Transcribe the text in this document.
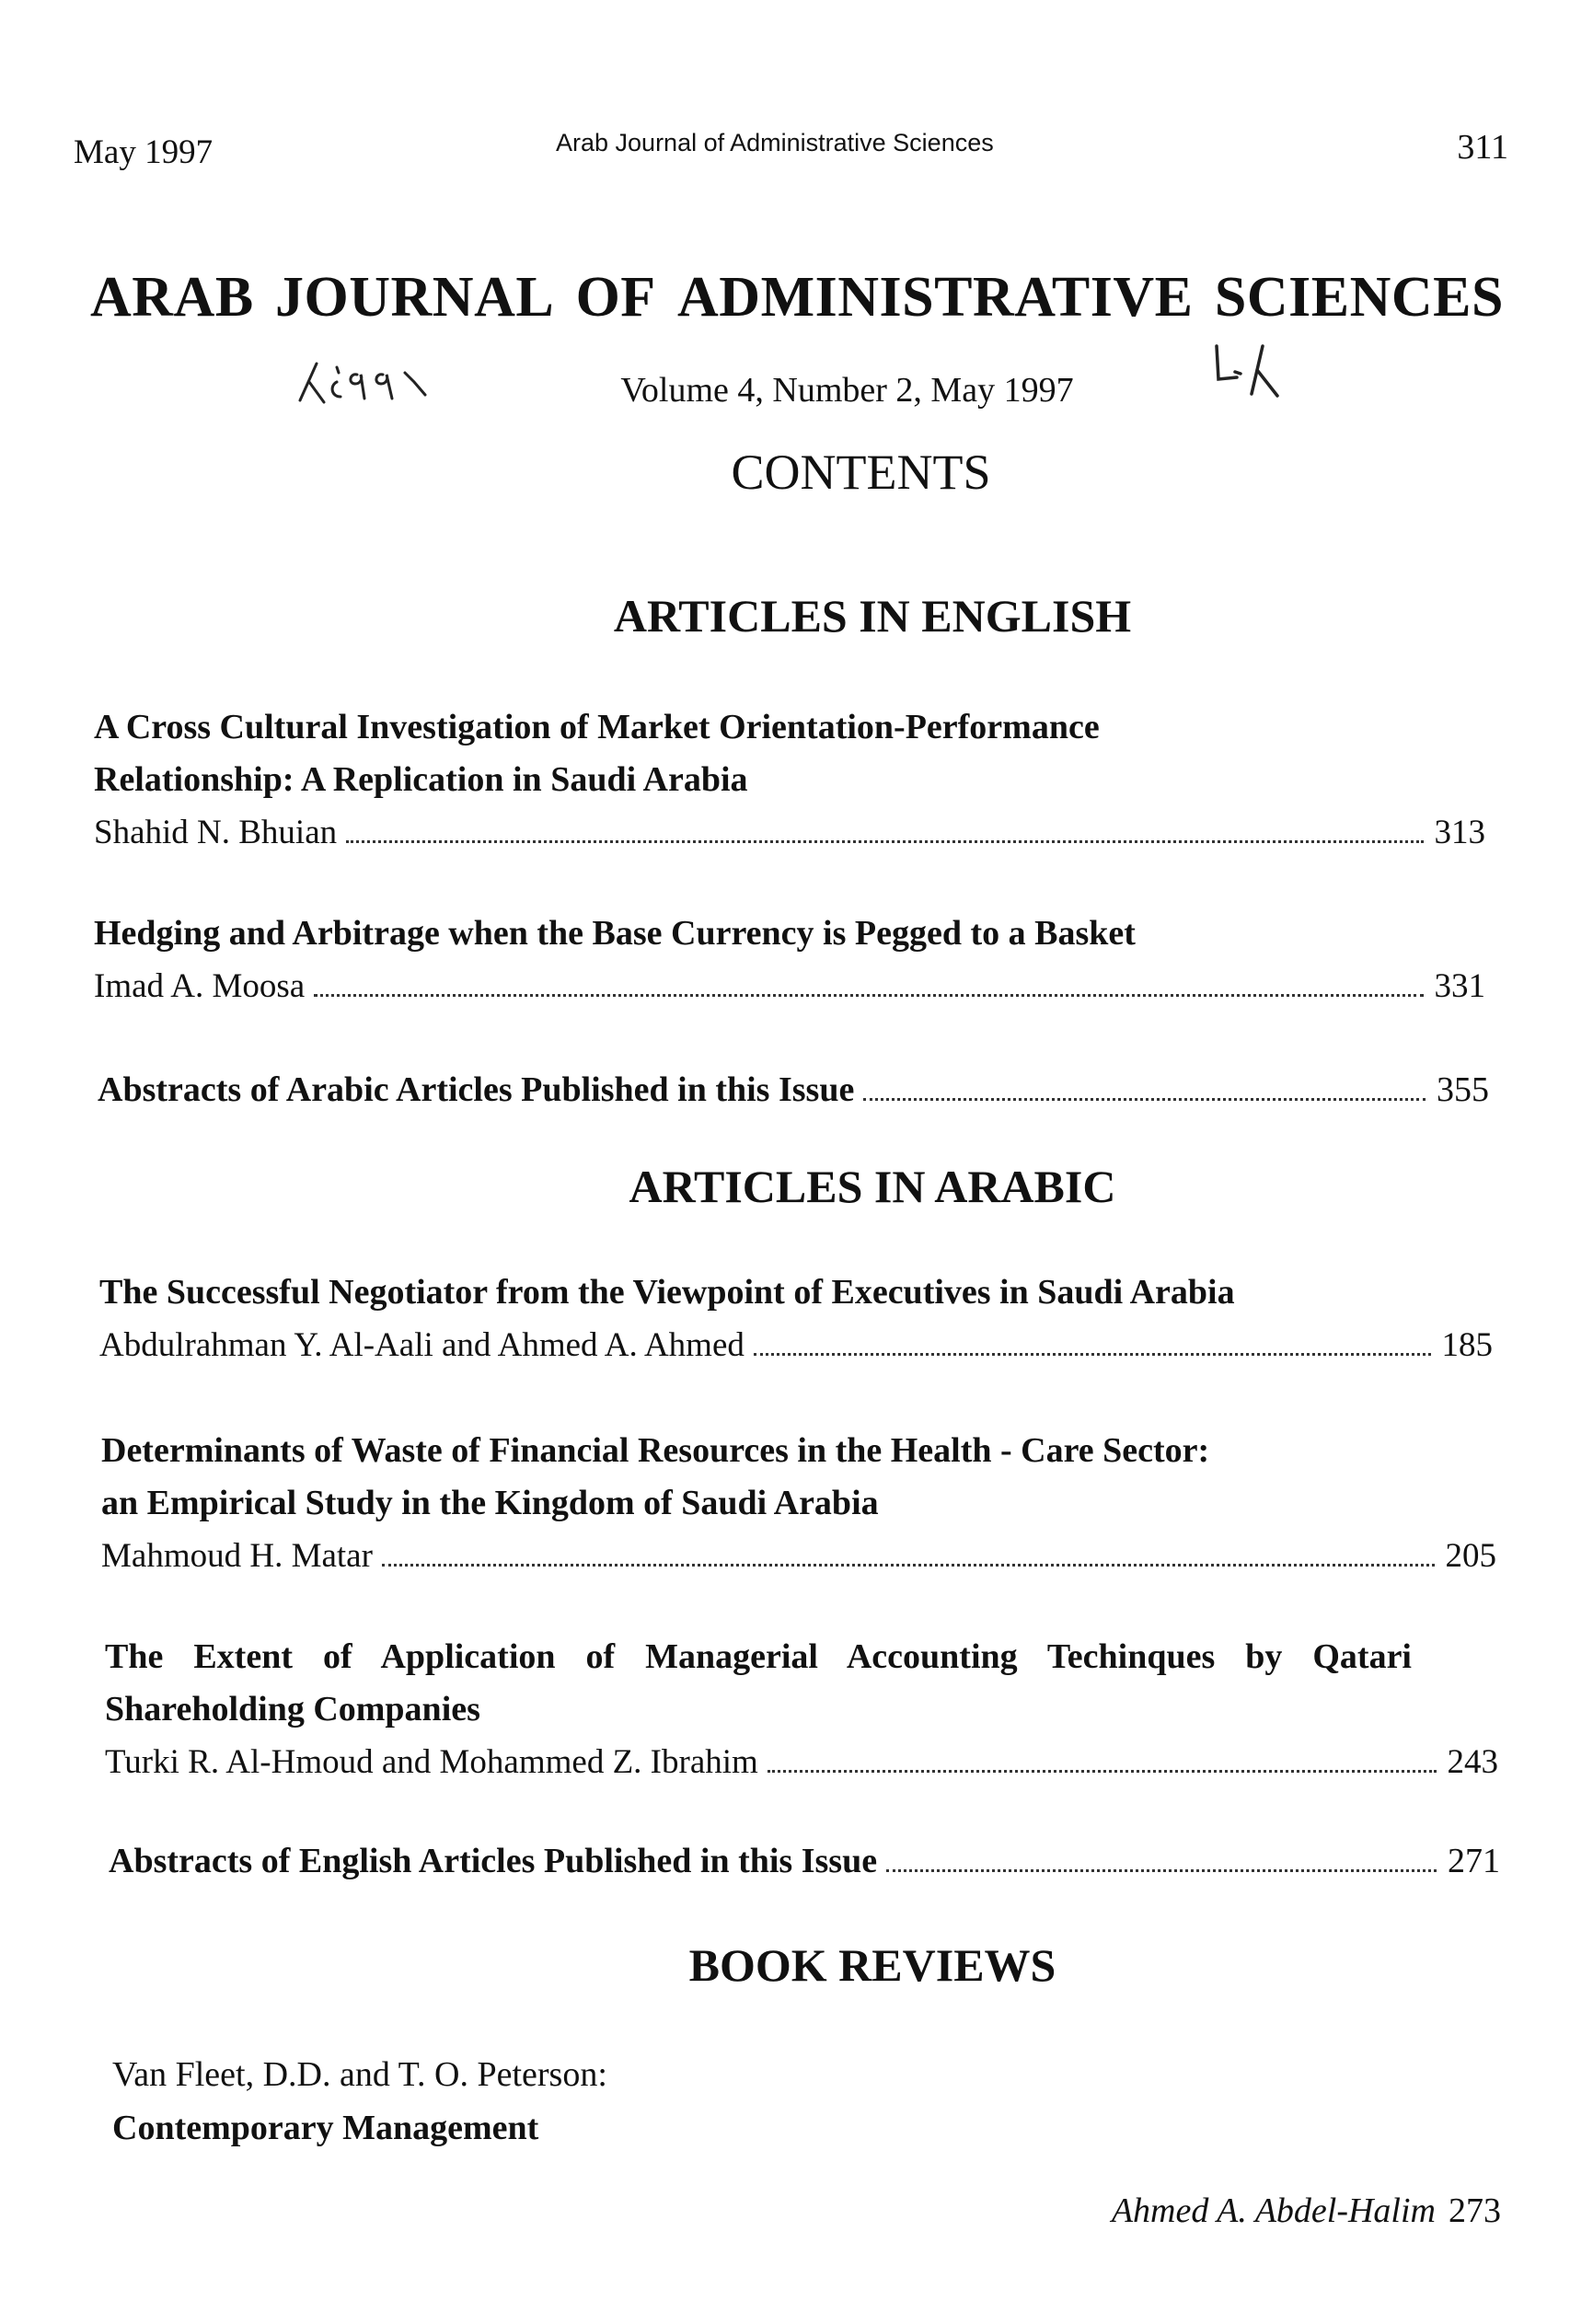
May 1997	Arab Journal of Administrative Sciences	311
ARAB JOURNAL OF ADMINISTRATIVE SCIENCES
Volume 4, Number 2, May 1997
CONTENTS
ARTICLES IN ENGLISH
A Cross Cultural Investigation of Market Orientation-Performance
Relationship: A Replication in Saudi Arabia
Shahid N. Bhuian	313
Hedging and Arbitrage when the Base Currency is Pegged to a Basket
Imad A. Moosa	331
Abstracts of Arabic Articles Published in this Issue	355
ARTICLES IN ARABIC
The Successful Negotiator from the Viewpoint of Executives in Saudi Arabia
Abdulrahman Y. Al-Aali and Ahmed A. Ahmed	185
Determinants of Waste of Financial Resources in the Health - Care Sector:
an Empirical Study in the Kingdom of Saudi Arabia
Mahmoud H. Matar	205
The Extent of Application of Managerial Accounting Techinques by Qatari
Shareholding Companies
Turki R. Al-Hmoud and Mohammed Z. Ibrahim	243
Abstracts of English Articles Published in this Issue	271
BOOK REVIEWS
Van Fleet, D.D. and T. O. Peterson:
Contemporary Management
Ahmed A. Abdel-Halim 273
